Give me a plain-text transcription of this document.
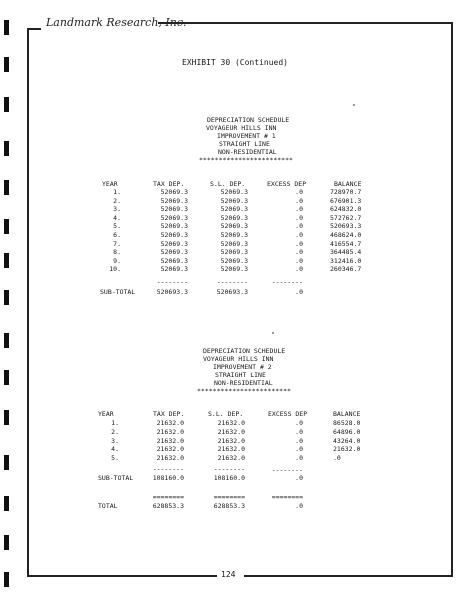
Landmark Research, Inc.
EXHIBIT 30 (Continued)
DEPRECIATION SCHEDULE
VOYAGEUR HILLS INN
IMPROVEMENT # 1
STRAIGHT LINE
NON-RESIDENTIAL
************************
YEAR	TAX DEP.	S.L. DEP.	EXCESS DEP	BALANCE
1.	52069.3	52069.3	.0	728970.7
2.	52069.3	52069.3	.0	676901.3
3.	52069.3	52069.3	.0	624832.0
4.	52069.3	52069.3	.0	572762.7
5.	52069.3	52069.3	.0	520693.3
6.	52069.3	52069.3	.0	468624.0
7.	52069.3	52069.3	.0	416554.7
8.	52069.3	52069.3	.0	364485.4
9.	52069.3	52069.3	.0	312416.0
10.	52069.3	52069.3	.0	260346.7
--------	--------	--------
SUB-TOTAL	520693.3	520693.3	.0
DEPRECIATION SCHEDULE
VOYAGEUR HILLS INN
IMPROVEMENT # 2
STRAIGHT LINE
NON-RESIDENTIAL
************************
YEAR	TAX DEP.	S.L. DEP.	EXCESS DEP	BALANCE
1.	21632.0	21632.0	.0	86528.0
2.	21632.0	21632.0	.0	64896.0
3.	21632.0	21632.0	.0	43264.0
4.	21632.0	21632.0	.0	21632.0
5.	21632.0	21632.0	.0	.0
--------	--------	--------
SUB-TOTAL	108160.0	108160.0	.0
========	========	========
TOTAL	628853.3	628853.3	.0
124
